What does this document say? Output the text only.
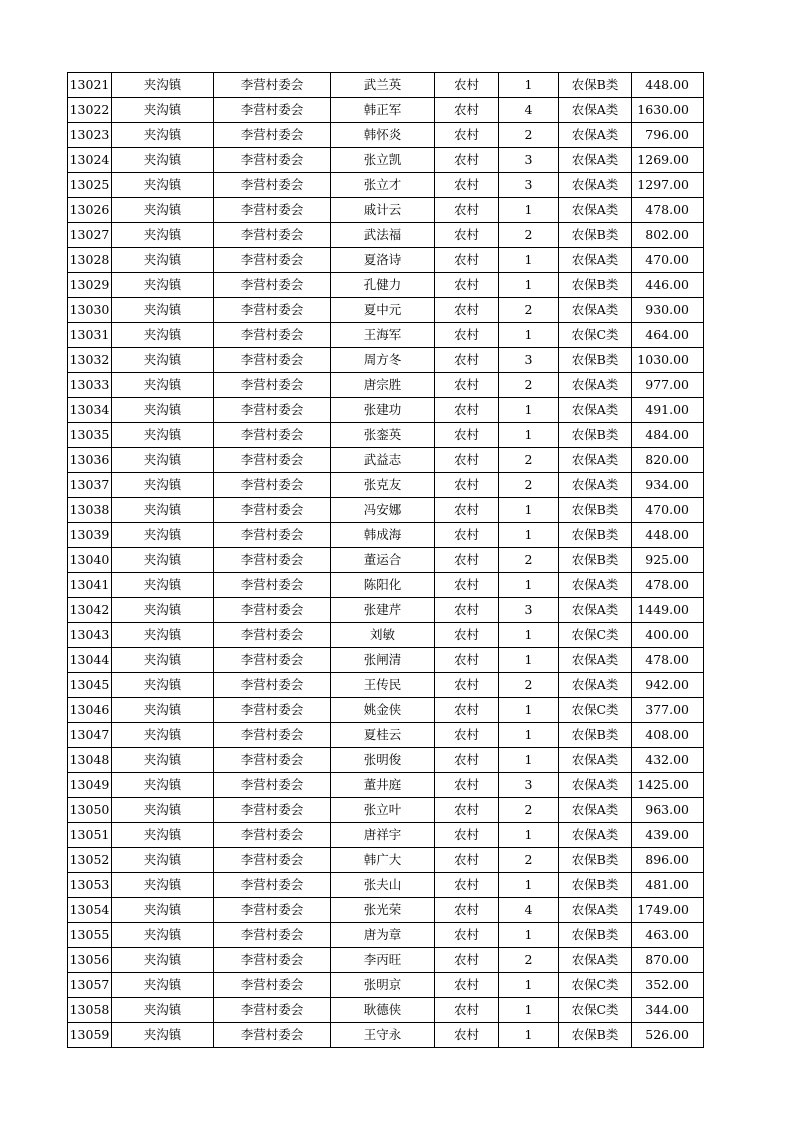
13021	夹沟镇	李营村委会	武兰英	农村	1	农保B类	448.00
13022	夹沟镇	李营村委会	韩正军	农村	4	农保A类	1630.00
13023	夹沟镇	李营村委会	韩怀炎	农村	2	农保A类	796.00
13024	夹沟镇	李营村委会	张立凯	农村	3	农保A类	1269.00
13025	夹沟镇	李营村委会	张立才	农村	3	农保A类	1297.00
13026	夹沟镇	李营村委会	戚计云	农村	1	农保A类	478.00
13027	夹沟镇	李营村委会	武法福	农村	2	农保B类	802.00
13028	夹沟镇	李营村委会	夏洛诗	农村	1	农保A类	470.00
13029	夹沟镇	李营村委会	孔健力	农村	1	农保B类	446.00
13030	夹沟镇	李营村委会	夏中元	农村	2	农保A类	930.00
13031	夹沟镇	李营村委会	王海军	农村	1	农保C类	464.00
13032	夹沟镇	李营村委会	周方冬	农村	3	农保B类	1030.00
13033	夹沟镇	李营村委会	唐宗胜	农村	2	农保A类	977.00
13034	夹沟镇	李营村委会	张建功	农村	1	农保A类	491.00
13035	夹沟镇	李营村委会	张銮英	农村	1	农保B类	484.00
13036	夹沟镇	李营村委会	武益志	农村	2	农保A类	820.00
13037	夹沟镇	李营村委会	张克友	农村	2	农保A类	934.00
13038	夹沟镇	李营村委会	冯安娜	农村	1	农保B类	470.00
13039	夹沟镇	李营村委会	韩成海	农村	1	农保B类	448.00
13040	夹沟镇	李营村委会	董运合	农村	2	农保B类	925.00
13041	夹沟镇	李营村委会	陈阳化	农村	1	农保A类	478.00
13042	夹沟镇	李营村委会	张建芹	农村	3	农保A类	1449.00
13043	夹沟镇	李营村委会	刘敏	农村	1	农保C类	400.00
13044	夹沟镇	李营村委会	张闸清	农村	1	农保A类	478.00
13045	夹沟镇	李营村委会	王传民	农村	2	农保A类	942.00
13046	夹沟镇	李营村委会	姚金侠	农村	1	农保C类	377.00
13047	夹沟镇	李营村委会	夏桂云	农村	1	农保B类	408.00
13048	夹沟镇	李营村委会	张明俊	农村	1	农保A类	432.00
13049	夹沟镇	李营村委会	董井庭	农村	3	农保A类	1425.00
13050	夹沟镇	李营村委会	张立叶	农村	2	农保A类	963.00
13051	夹沟镇	李营村委会	唐祥宇	农村	1	农保A类	439.00
13052	夹沟镇	李营村委会	韩广大	农村	2	农保B类	896.00
13053	夹沟镇	李营村委会	张夫山	农村	1	农保B类	481.00
13054	夹沟镇	李营村委会	张光荣	农村	4	农保A类	1749.00
13055	夹沟镇	李营村委会	唐为章	农村	1	农保B类	463.00
13056	夹沟镇	李营村委会	李丙旺	农村	2	农保A类	870.00
13057	夹沟镇	李营村委会	张明京	农村	1	农保C类	352.00
13058	夹沟镇	李营村委会	耿德侠	农村	1	农保C类	344.00
13059	夹沟镇	李营村委会	王守永	农村	1	农保B类	526.00
